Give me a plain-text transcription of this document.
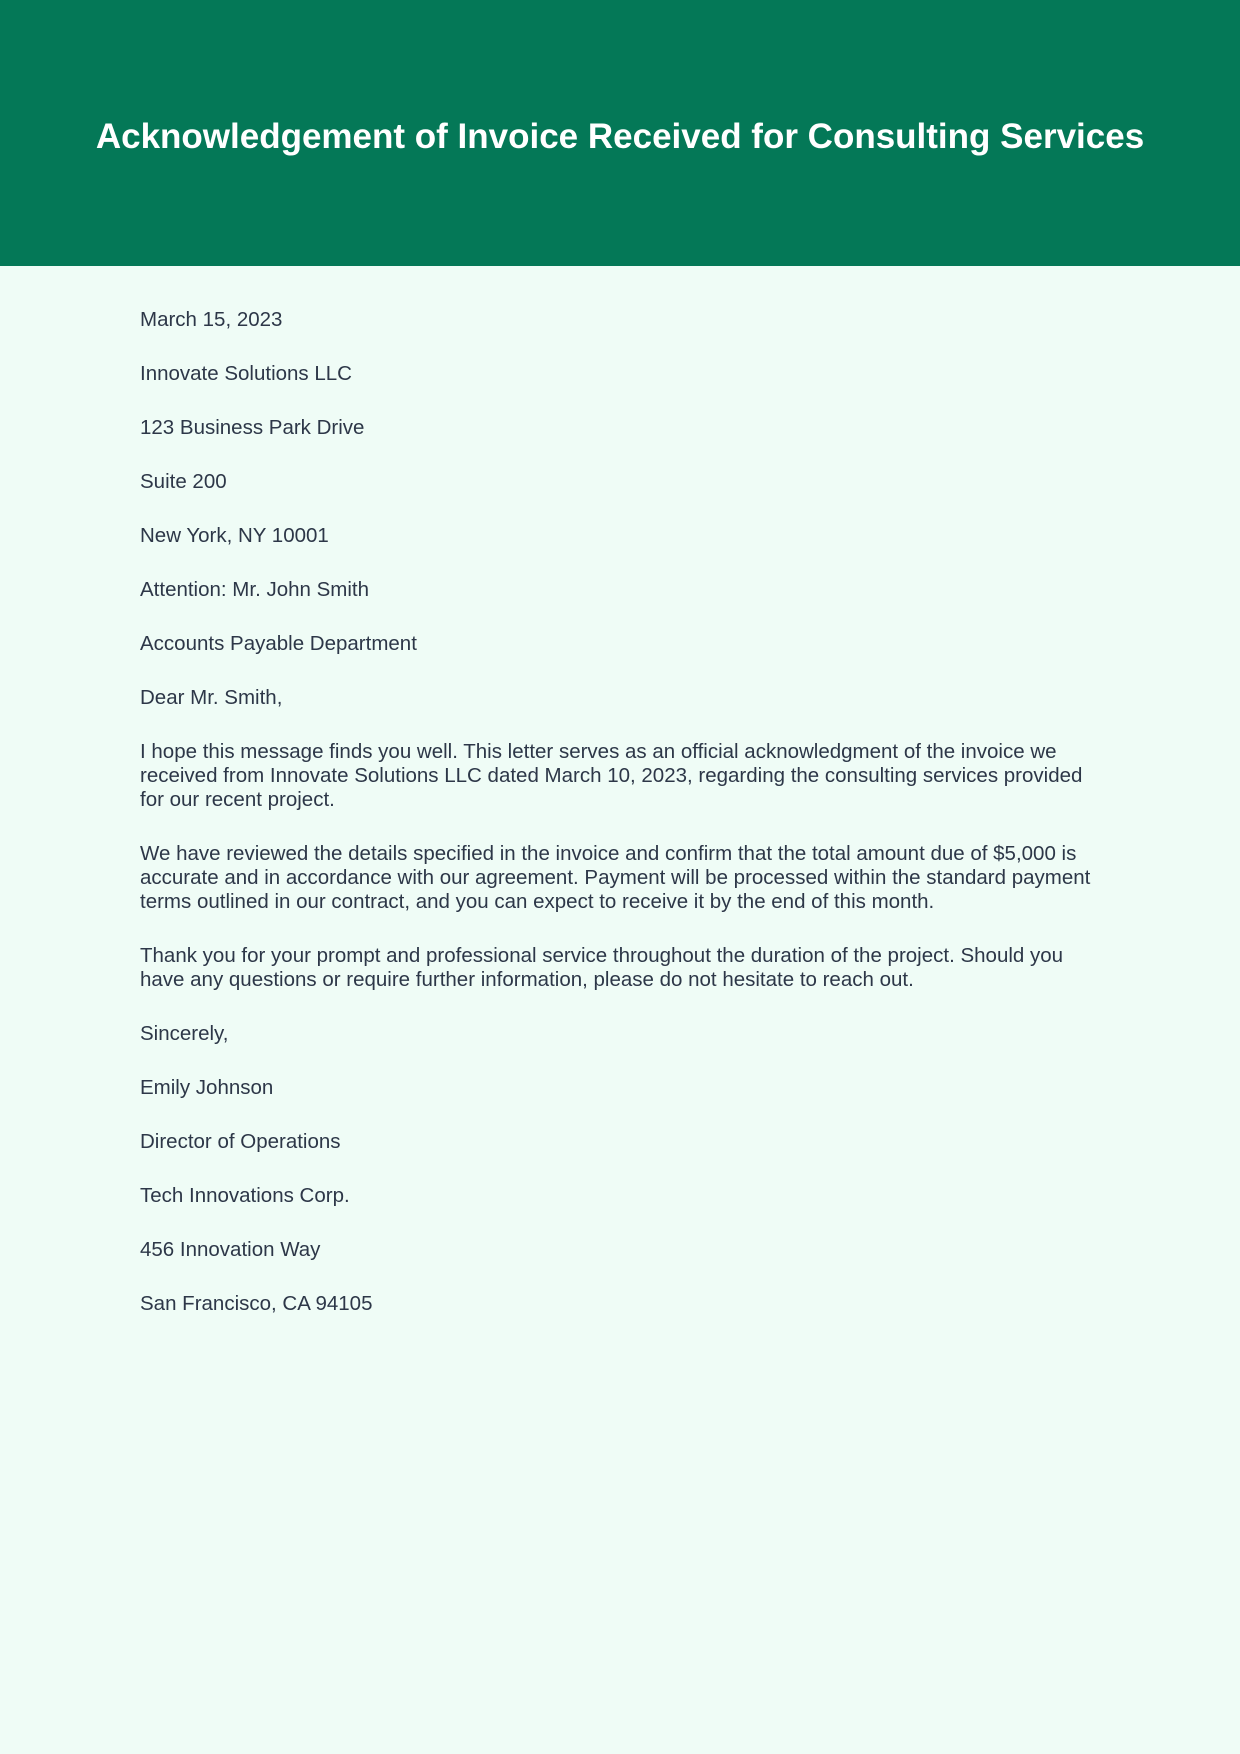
Acknowledgement of Invoice Received for Consulting Services

March 15, 2023

Innovate Solutions LLC

123 Business Park Drive

Suite 200

New York, NY 10001

Attention: Mr. John Smith

Accounts Payable Department

Dear Mr. Smith,

I hope this message finds you well. This letter serves as an official acknowledgment of the invoice we received from Innovate Solutions LLC dated March 10, 2023, regarding the consulting services provided for our recent project.

We have reviewed the details specified in the invoice and confirm that the total amount due of $5,000 is accurate and in accordance with our agreement. Payment will be processed within the standard payment terms outlined in our contract, and you can expect to receive it by the end of this month.

Thank you for your prompt and professional service throughout the duration of the project. Should you have any questions or require further information, please do not hesitate to reach out.

Sincerely,

Emily Johnson

Director of Operations

Tech Innovations Corp.

456 Innovation Way

San Francisco, CA 94105
